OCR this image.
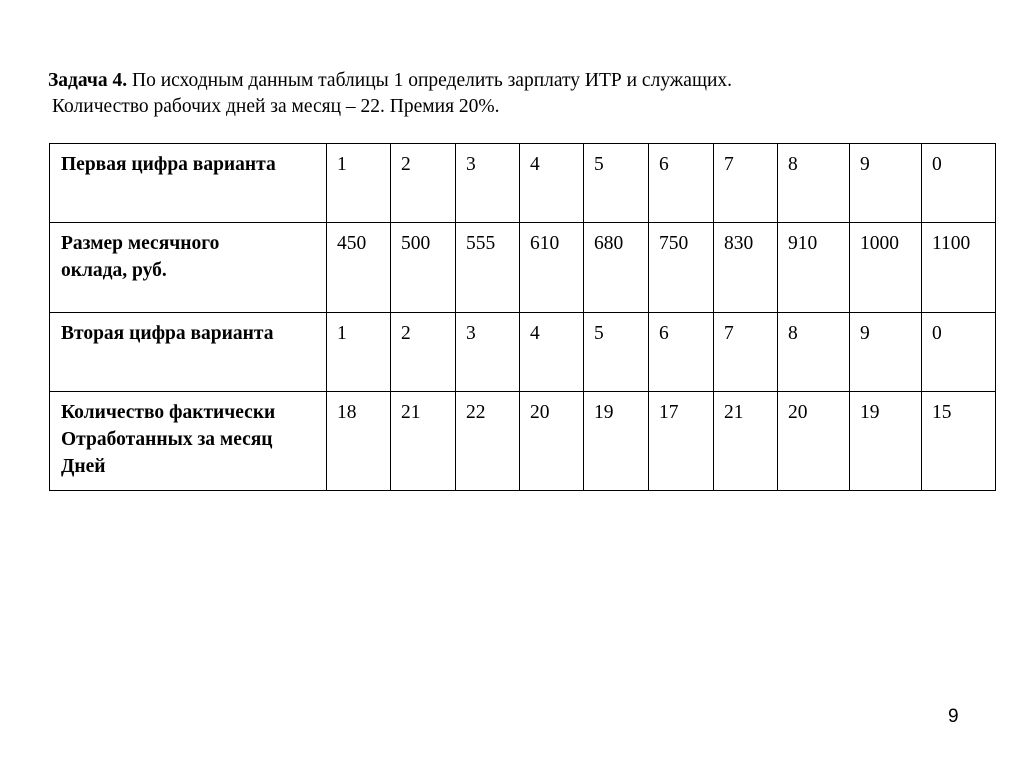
Задача 4. По исходным данным таблицы 1 определить зарплату ИТР и служащих.
Количество рабочих дней за месяц – 22. Премия 20%.
Первая цифра варианта	1	2	3	4	5	6	7	8	9	0
Размер месячного
оклада, руб.	450	500	555	610	680	750	830	910	1000	1100
Вторая цифра варианта	1	2	3	4	5	6	7	8	9	0
Количество фактически
Отработанных за месяц
Дней	18	21	22	20	19	17	21	20	19	15
9
